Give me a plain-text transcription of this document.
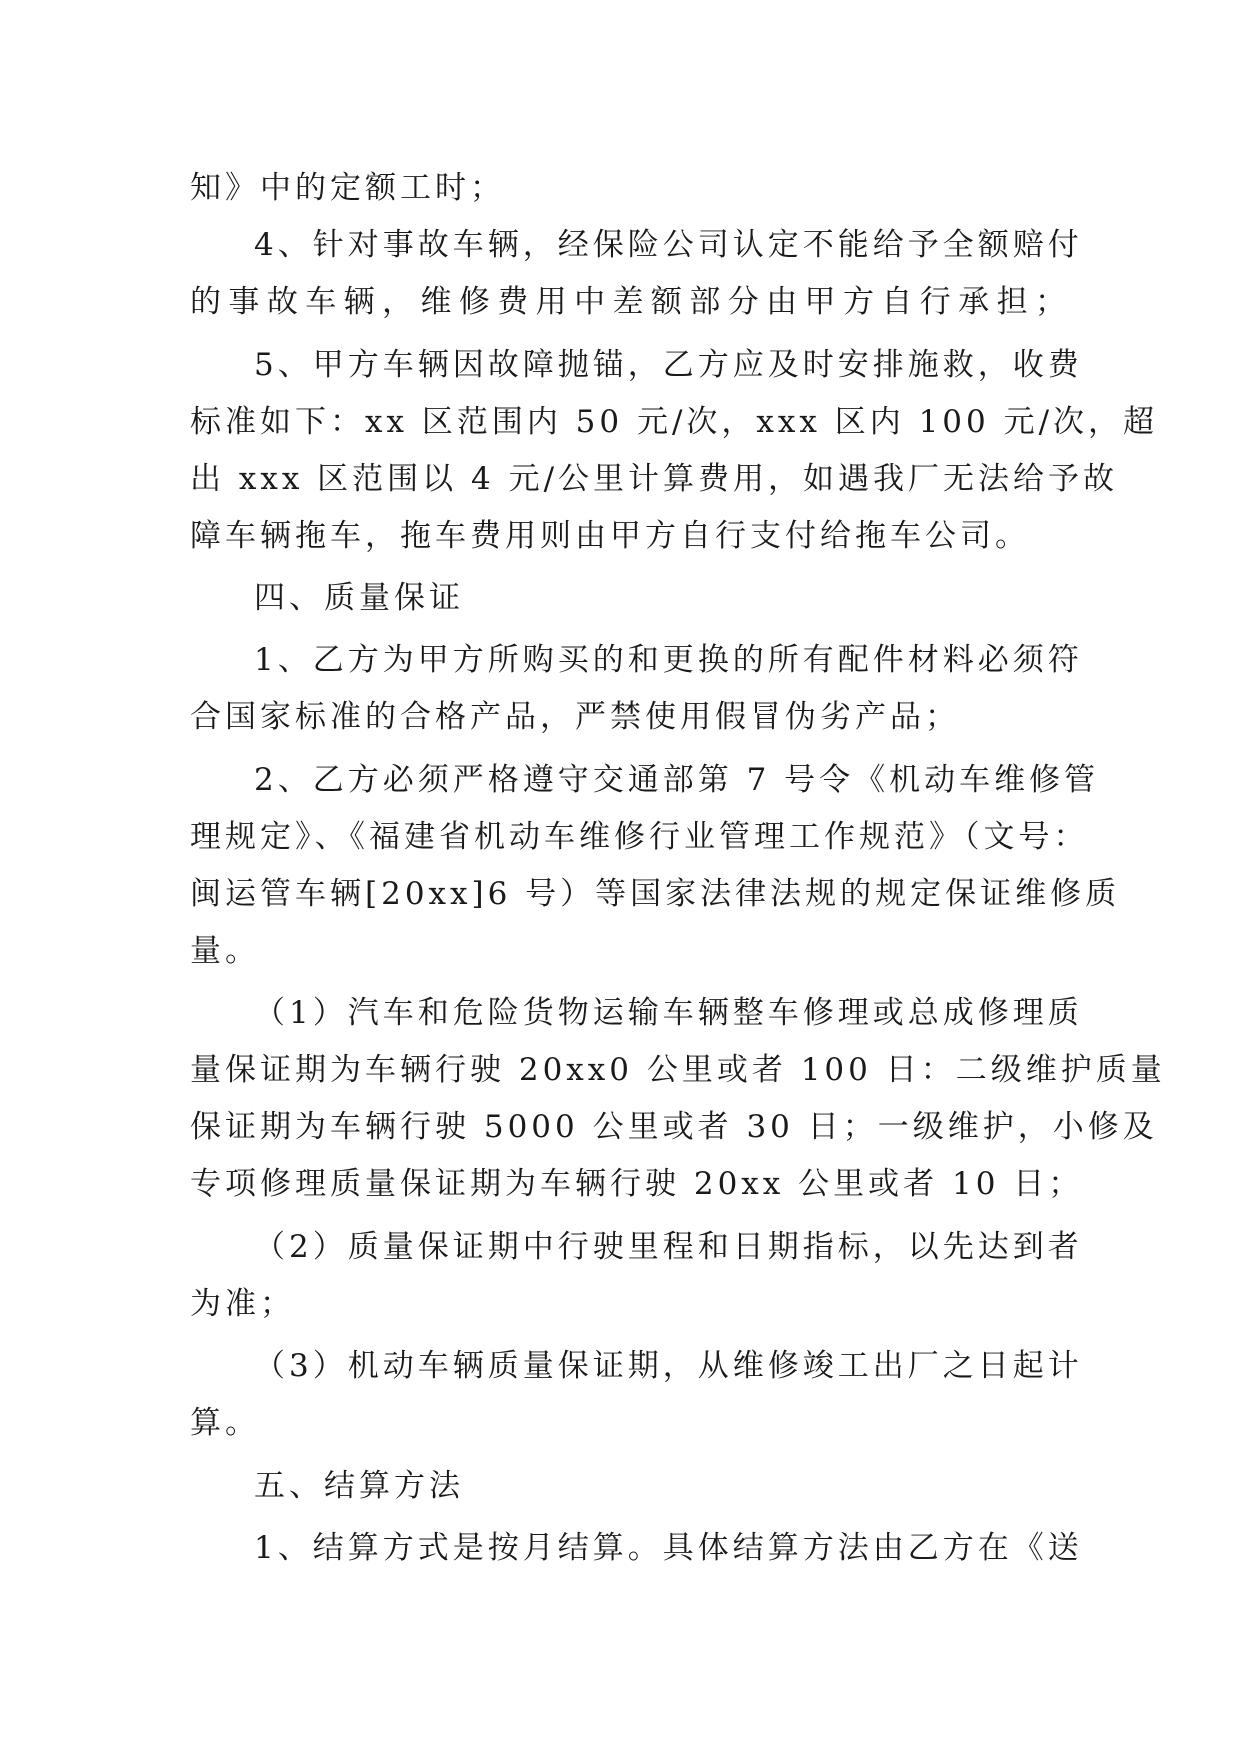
知》中的定额工时；
4、针对事故车辆，经保险公司认定不能给予全额赔付
的事故车辆，维修费用中差额部分由甲方自行承担；
5、甲方车辆因故障抛锚，乙方应及时安排施救，收费
标准如下：xx 区范围内 50 元/次，xxx 区内 100 元/次，超
出 xxx 区范围以 4 元/公里计算费用，如遇我厂无法给予故
障车辆拖车，拖车费用则由甲方自行支付给拖车公司。
四、质量保证
1、乙方为甲方所购买的和更换的所有配件材料必须符
合国家标准的合格产品，严禁使用假冒伪劣产品；
2、乙方必须严格遵守交通部第 7 号令《机动车维修管
理规定》、《福建省机动车维修行业管理工作规范》（文号：
闽运管车辆[20xx]6 号）等国家法律法规的规定保证维修质
量。
（1）汽车和危险货物运输车辆整车修理或总成修理质
量保证期为车辆行驶 20xx0 公里或者 100 日：二级维护质量
保证期为车辆行驶 5000 公里或者 30 日；一级维护，小修及
专项修理质量保证期为车辆行驶 20xx 公里或者 10 日；
（2）质量保证期中行驶里程和日期指标，以先达到者
为准；
（3）机动车辆质量保证期，从维修竣工出厂之日起计
算。
五、结算方法
1、结算方式是按月结算。具体结算方法由乙方在《送
